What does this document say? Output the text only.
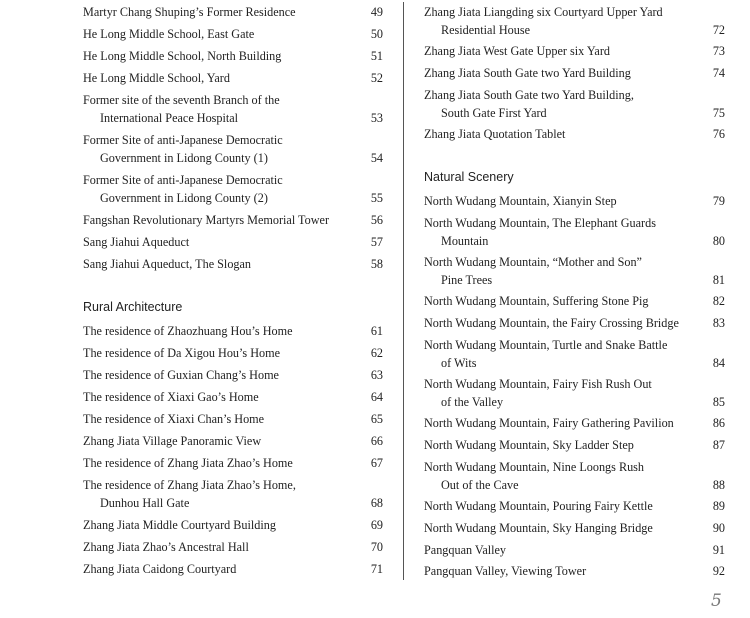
Martyr Chang Shuping’s Former Residence	49
He Long Middle School, East Gate	50
He Long Middle School, North Building	51
He Long Middle School, Yard	52
Former site of the seventh Branch of the
International Peace Hospital	53
Former Site of anti-Japanese Democratic
Government in Lidong County (1)	54
Former Site of anti-Japanese Democratic
Government in Lidong County (2)	55
Fangshan Revolutionary Martyrs Memorial Tower	56
Sang Jiahui Aqueduct	57
Sang Jiahui Aqueduct, The Slogan	58
Rural Architecture
The residence of Zhaozhuang Hou’s Home	61
The residence of Da Xigou Hou’s Home	62
The residence of Guxian Chang’s Home	63
The residence of Xiaxi Gao’s Home	64
The residence of Xiaxi Chan’s Home	65
Zhang Jiata Village Panoramic View	66
The residence of Zhang Jiata Zhao’s Home	67
The residence of Zhang Jiata Zhao’s Home,
Dunhou Hall Gate	68
Zhang Jiata Middle Courtyard Building	69
Zhang Jiata Zhao’s Ancestral Hall	70
Zhang Jiata Caidong Courtyard	71
Zhang Jiata Liangding six Courtyard Upper Yard
Residential House	72
Zhang Jiata West Gate Upper six Yard	73
Zhang Jiata South Gate two Yard Building	74
Zhang Jiata South Gate two Yard Building,
South Gate First Yard	75
Zhang Jiata Quotation Tablet	76
Natural Scenery
North Wudang Mountain, Xianyin Step	79
North Wudang Mountain, The Elephant Guards
Mountain	80
North Wudang Mountain, “Mother and Son”
Pine Trees	81
North Wudang Mountain, Suffering Stone Pig	82
North Wudang Mountain, the Fairy Crossing Bridge	83
North Wudang Mountain, Turtle and Snake Battle
of Wits	84
North Wudang Mountain, Fairy Fish Rush Out
of the Valley	85
North Wudang Mountain, Fairy Gathering Pavilion	86
North Wudang Mountain, Sky Ladder Step	87
North Wudang Mountain, Nine Loongs Rush
Out of the Cave	88
North Wudang Mountain, Pouring Fairy Kettle	89
North Wudang Mountain, Sky Hanging Bridge	90
Pangquan Valley	91
Pangquan Valley, Viewing Tower	92
5
